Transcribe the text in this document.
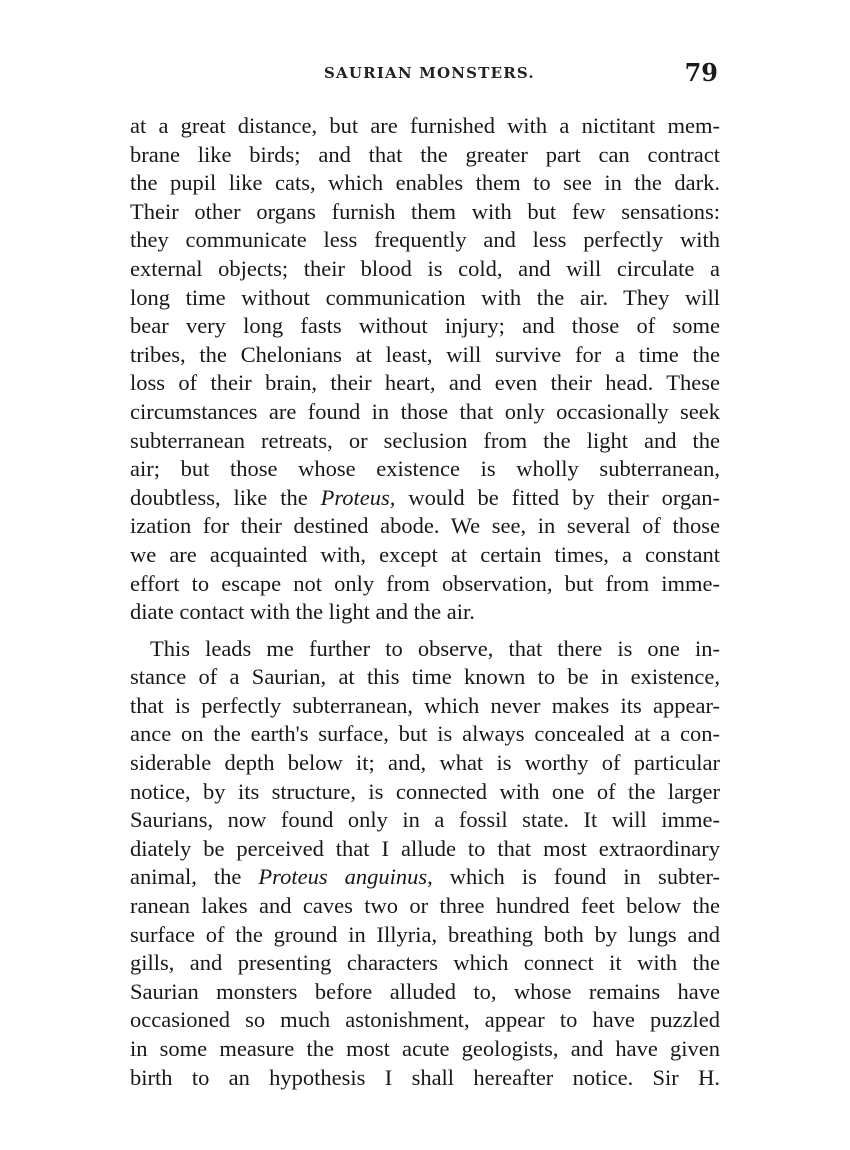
SAURIAN MONSTERS.	79
at a great distance, but are furnished with a nictitant mem-
brane like birds; and that the greater part can contract
the pupil like cats, which enables them to see in the dark.
Their other organs furnish them with but few sensations:
they communicate less frequently and less perfectly with
external objects; their blood is cold, and will circulate a
long time without communication with the air. They will
bear very long fasts without injury; and those of some
tribes, the Chelonians at least, will survive for a time the
loss of their brain, their heart, and even their head. These
circumstances are found in those that only occasionally seek
subterranean retreats, or seclusion from the light and the
air; but those whose existence is wholly subterranean,
doubtless, like the Proteus, would be fitted by their organ-
ization for their destined abode. We see, in several of those
we are acquainted with, except at certain times, a constant
effort to escape not only from observation, but from imme-
diate contact with the light and the air.
This leads me further to observe, that there is one in-
stance of a Saurian, at this time known to be in existence,
that is perfectly subterranean, which never makes its appear-
ance on the earth's surface, but is always concealed at a con-
siderable depth below it; and, what is worthy of particular
notice, by its structure, is connected with one of the larger
Saurians, now found only in a fossil state. It will imme-
diately be perceived that I allude to that most extraordinary
animal, the Proteus anguinus, which is found in subter-
ranean lakes and caves two or three hundred feet below the
surface of the ground in Illyria, breathing both by lungs and
gills, and presenting characters which connect it with the
Saurian monsters before alluded to, whose remains have
occasioned so much astonishment, appear to have puzzled
in some measure the most acute geologists, and have given
birth to an hypothesis I shall hereafter notice. Sir H.
